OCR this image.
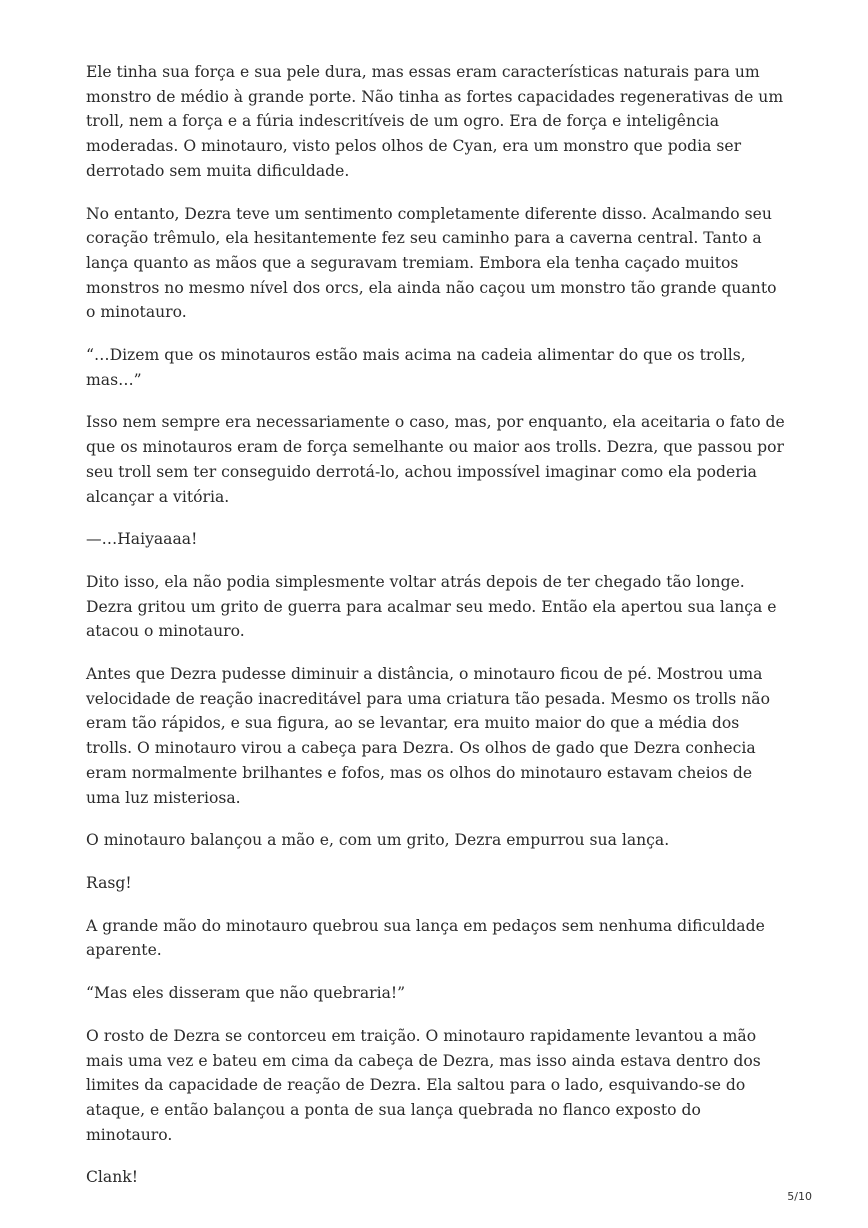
Ele tinha sua força e sua pele dura, mas essas eram características naturais para um monstro de médio à grande porte. Não tinha as fortes capacidades regenerativas de um troll, nem a força e a fúria indescritíveis de um ogro. Era de força e inteligência moderadas. O minotauro, visto pelos olhos de Cyan, era um monstro que podia ser derrotado sem muita dificuldade.

No entanto, Dezra teve um sentimento completamente diferente disso. Acalmando seu coração trêmulo, ela hesitantemente fez seu caminho para a caverna central. Tanto a lança quanto as mãos que a seguravam tremiam. Embora ela tenha caçado muitos monstros no mesmo nível dos orcs, ela ainda não caçou um monstro tão grande quanto o minotauro.

“…Dizem que os minotauros estão mais acima na cadeia alimentar do que os trolls, mas…”

Isso nem sempre era necessariamente o caso, mas, por enquanto, ela aceitaria o fato de que os minotauros eram de força semelhante ou maior aos trolls. Dezra, que passou por seu troll sem ter conseguido derrotá-lo, achou impossível imaginar como ela poderia alcançar a vitória.

—…Haiyaaaa!

Dito isso, ela não podia simplesmente voltar atrás depois de ter chegado tão longe. Dezra gritou um grito de guerra para acalmar seu medo. Então ela apertou sua lança e atacou o minotauro.

Antes que Dezra pudesse diminuir a distância, o minotauro ficou de pé. Mostrou uma velocidade de reação inacreditável para uma criatura tão pesada. Mesmo os trolls não eram tão rápidos, e sua figura, ao se levantar, era muito maior do que a média dos trolls. O minotauro virou a cabeça para Dezra. Os olhos de gado que Dezra conhecia eram normalmente brilhantes e fofos, mas os olhos do minotauro estavam cheios de uma luz misteriosa.

O minotauro balançou a mão e, com um grito, Dezra empurrou sua lança.

Rasg!

A grande mão do minotauro quebrou sua lança em pedaços sem nenhuma dificuldade aparente.

“Mas eles disseram que não quebraria!”

O rosto de Dezra se contorceu em traição. O minotauro rapidamente levantou a mão mais uma vez e bateu em cima da cabeça de Dezra, mas isso ainda estava dentro dos limites da capacidade de reação de Dezra. Ela saltou para o lado, esquivando-se do ataque, e então balançou a ponta de sua lança quebrada no flanco exposto do minotauro.

Clank!

5/10
